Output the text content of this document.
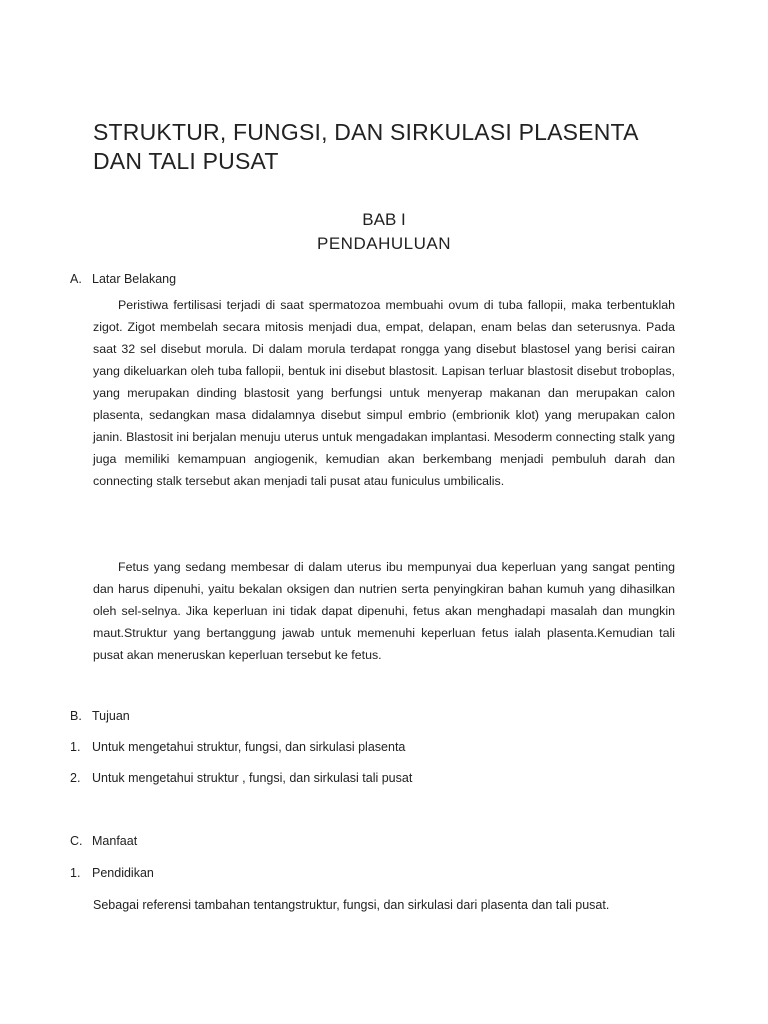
STRUKTUR, FUNGSI, DAN SIRKULASI PLASENTA
DAN TALI PUSAT
BAB I
PENDAHULUAN
A. Latar Belakang

Peristiwa fertilisasi terjadi di saat spermatozoa membuahi ovum di tuba fallopii, maka terbentuklah zigot. Zigot membelah secara mitosis menjadi dua, empat, delapan, enam belas dan seterusnya. Pada saat 32 sel disebut morula. Di dalam morula terdapat rongga yang disebut blastosel yang berisi cairan yang dikeluarkan oleh tuba fallopii, bentuk ini disebut blastosit. Lapisan terluar blastosit disebut troboplas, yang merupakan dinding blastosit yang berfungsi untuk menyerap makanan dan merupakan calon plasenta, sedangkan masa didalamnya disebut simpul embrio (embrionik klot) yang merupakan calon janin. Blastosit ini berjalan menuju uterus untuk mengadakan implantasi. Mesoderm connecting stalk yang juga memiliki kemampuan angiogenik, kemudian akan berkembang menjadi pembuluh darah dan connecting stalk tersebut akan menjadi tali pusat atau funiculus umbilicalis.

Fetus yang sedang membesar di dalam uterus ibu mempunyai dua keperluan yang sangat penting dan harus dipenuhi, yaitu bekalan oksigen dan nutrien serta penyingkiran bahan kumuh yang dihasilkan oleh sel-selnya. Jika keperluan ini tidak dapat dipenuhi, fetus akan menghadapi masalah dan mungkin maut.Struktur yang bertanggung jawab untuk memenuhi keperluan fetus ialah plasenta.Kemudian tali pusat akan meneruskan keperluan tersebut ke fetus.

B. Tujuan
1. Untuk mengetahui struktur, fungsi, dan sirkulasi plasenta
2. Untuk mengetahui struktur , fungsi, dan sirkulasi tali pusat
C. Manfaat
1. Pendidikan
Sebagai referensi tambahan tentangstruktur, fungsi, dan sirkulasi dari plasenta dan tali pusat.
